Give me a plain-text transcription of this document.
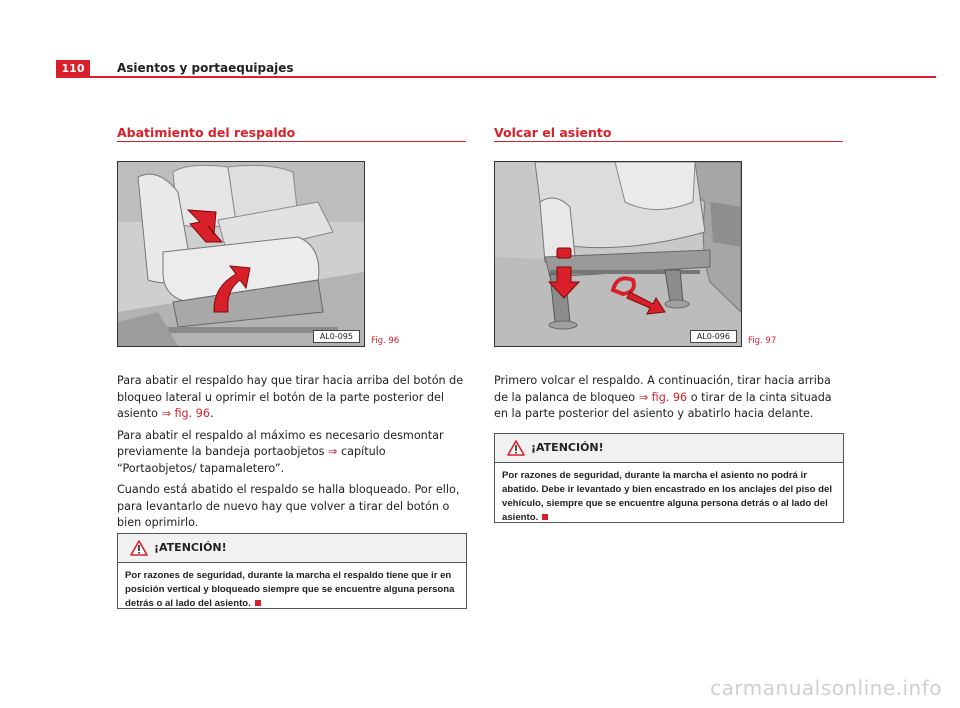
110	Asientos y portaequipajes
Abatimiento del respaldo
AL0-095	Fig. 96

Para abatir el respaldo hay que tirar hacia arriba del botón de bloqueo lateral u oprimir el botón de la parte posterior del asiento ⇒ fig. 96.

Para abatir el respaldo al máximo es necesario desmontar previamente la bandeja portaobjetos ⇒ capítulo “Portaobjetos/ tapamaletero”.

Cuando está abatido el respaldo se halla bloqueado. Por ello, para levantarlo de nuevo hay que volver a tirar del botón o bien oprimirlo.

¡ATENCIÓN!
Por razones de seguridad, durante la marcha el respaldo tiene que ir en posición vertical y bloqueado siempre que se encuentre alguna persona detrás o al lado del asiento.
Volcar el asiento
AL0-096	Fig. 97

Primero volcar el respaldo. A continuación, tirar hacia arriba de la palanca de bloqueo ⇒ fig. 96 o tirar de la cinta situada en la parte posterior del asiento y abatirlo hacia delante.

¡ATENCIÓN!
Por razones de seguridad, durante la marcha el asiento no podrá ir abatido. Debe ir levantado y bien encastrado en los anclajes del piso del vehículo, siempre que se encuentre alguna persona detrás o al lado del asiento.
carmanualsonline.info
